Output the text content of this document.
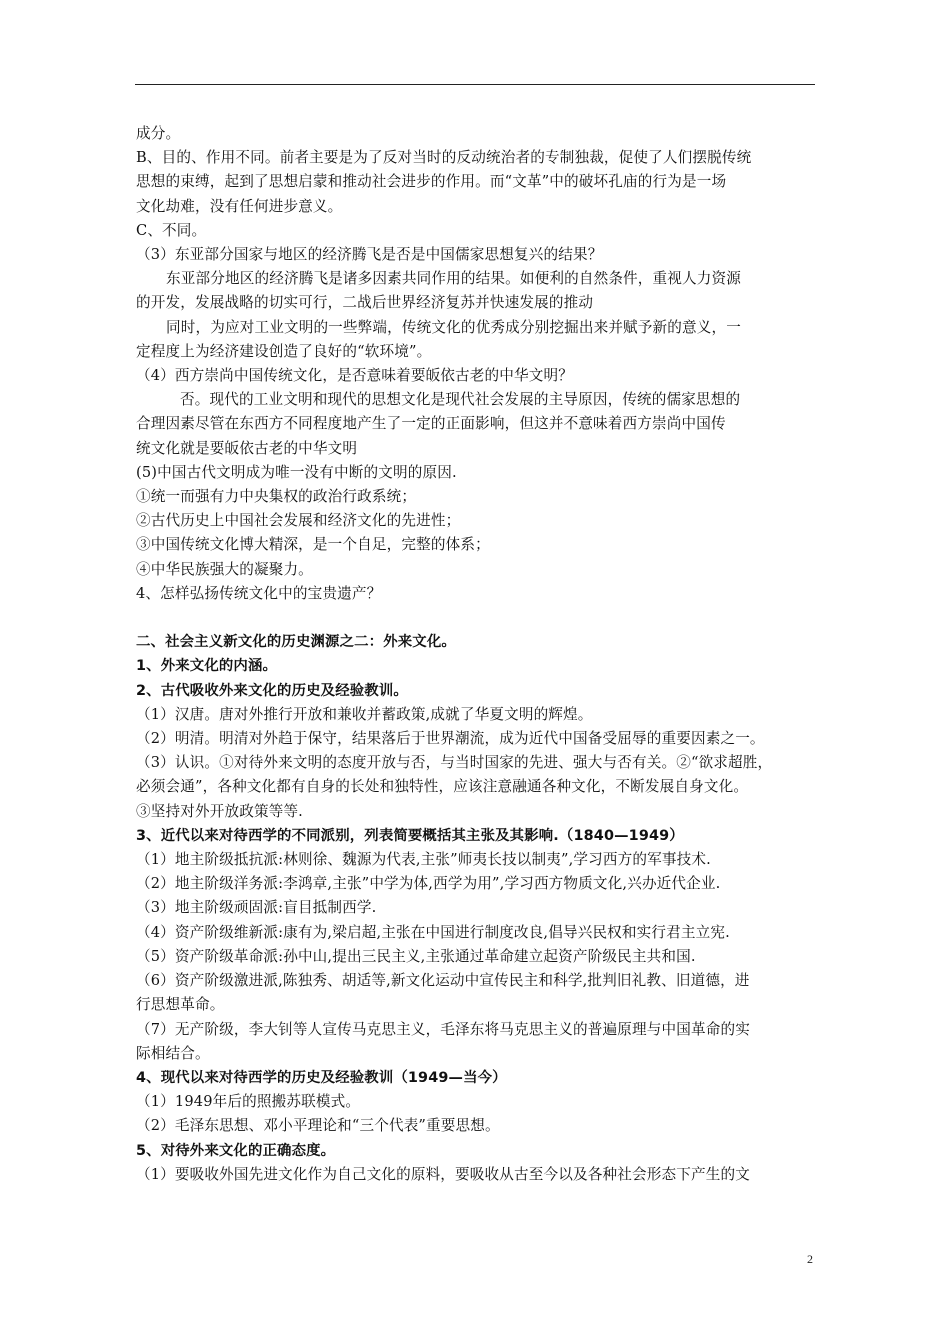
成分。

B、目的、作用不同。前者主要是为了反对当时的反动统治者的专制独裁，促使了人们摆脱传统

思想的束缚，起到了思想启蒙和推动社会进步的作用。而“文革”中的破坏孔庙的行为是一场

文化劫难，没有任何进步意义。

C、不同。

（3）东亚部分国家与地区的经济腾飞是否是中国儒家思想复兴的结果？

东亚部分地区的经济腾飞是诸多因素共同作用的结果。如便利的自然条件，重视人力资源

的开发，发展战略的切实可行，二战后世界经济复苏并快速发展的推动

同时，为应对工业文明的一些弊端，传统文化的优秀成分别挖掘出来并赋予新的意义，一

定程度上为经济建设创造了良好的“软环境”。

（4）西方崇尚中国传统文化，是否意味着要皈依古老的中华文明？

否。现代的工业文明和现代的思想文化是现代社会发展的主导原因，传统的儒家思想的

合理因素尽管在东西方不同程度地产生了一定的正面影响，但这并不意味着西方崇尚中国传

统文化就是要皈依古老的中华文明

(5)中国古代文明成为唯一没有中断的文明的原因.

①统一而强有力中央集权的政治行政系统；

②古代历史上中国社会发展和经济文化的先进性；

③中国传统文化博大精深，是一个自足，完整的体系；

④中华民族强大的凝聚力。

4、怎样弘扬传统文化中的宝贵遗产？

二、社会主义新文化的历史渊源之二：外来文化。

1、外来文化的内涵。

2、古代吸收外来文化的历史及经验教训。

（1）汉唐。唐对外推行开放和兼收并蓄政策,成就了华夏文明的辉煌。

（2）明清。明清对外趋于保守，结果落后于世界潮流，成为近代中国备受屈辱的重要因素之一。

（3）认识。①对待外来文明的态度开放与否，与当时国家的先进、强大与否有关。②“欲求超胜，

必须会通”，各种文化都有自身的长处和独特性，应该注意融通各种文化，不断发展自身文化。

③坚持对外开放政策等等.

3、近代以来对待西学的不同派别，列表简要概括其主张及其影响.（1840—1949）

（1）地主阶级抵抗派:林则徐、魏源为代表,主张”师夷长技以制夷”,学习西方的军事技术.

（2）地主阶级洋务派:李鸿章,主张”中学为体,西学为用”,学习西方物质文化,兴办近代企业.

（3）地主阶级顽固派:盲目抵制西学.

（4）资产阶级维新派:康有为,梁启超,主张在中国进行制度改良,倡导兴民权和实行君主立宪.

（5）资产阶级革命派:孙中山,提出三民主义,主张通过革命建立起资产阶级民主共和国.

（6）资产阶级激进派,陈独秀、胡适等,新文化运动中宣传民主和科学,批判旧礼教、旧道德，进

行思想革命。

（7）无产阶级，李大钊等人宣传马克思主义，毛泽东将马克思主义的普遍原理与中国革命的实

际相结合。

4、现代以来对待西学的历史及经验教训（1949—当今）

（1）1949年后的照搬苏联模式。

（2）毛泽东思想、邓小平理论和“三个代表”重要思想。

5、对待外来文化的正确态度。

（1）要吸收外国先进文化作为自己文化的原料，要吸收从古至今以及各种社会形态下产生的文

2
